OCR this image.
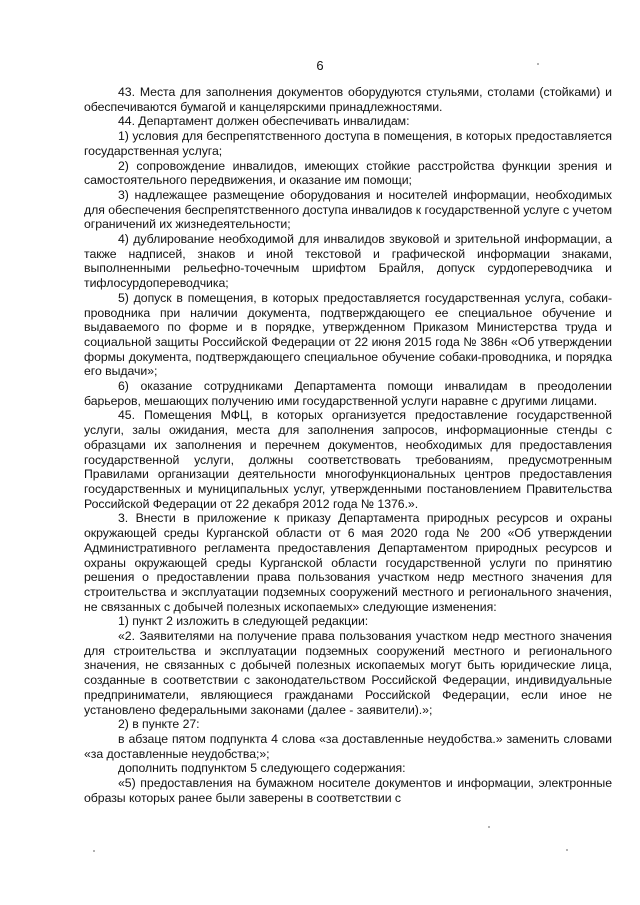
6

43. Места для заполнения документов оборудуются стульями, столами (стойками) и обеспечиваются бумагой и канцелярскими принадлежностями.

44. Департамент должен обеспечивать инвалидам:

1) условия для беспрепятственного доступа в помещения, в которых предоставляется государственная услуга;

2) сопровождение инвалидов, имеющих стойкие расстройства функции зрения и самостоятельного передвижения, и оказание им помощи;

3) надлежащее размещение оборудования и носителей информации, необходимых для обеспечения беспрепятственного доступа инвалидов к государственной услуге с учетом ограничений их жизнедеятельности;

4) дублирование необходимой для инвалидов звуковой и зрительной информации, а также надписей, знаков и иной текстовой и графической информации знаками, выполненными рельефно-точечным шрифтом Брайля, допуск сурдопереводчика и тифлосурдопереводчика;

5) допуск в помещения, в которых предоставляется государственная услуга, собаки-проводника при наличии документа, подтверждающего ее специальное обучение и выдаваемого по форме и в порядке, утвержденном Приказом Министерства труда и социальной защиты Российской Федерации от 22 июня 2015 года № 386н «Об утверждении формы документа, подтверждающего специальное обучение собаки-проводника, и порядка его выдачи»;

6) оказание сотрудниками Департамента помощи инвалидам в преодолении барьеров, мешающих получению ими государственной услуги наравне с другими лицами.

45. Помещения МФЦ, в которых организуется предоставление государственной услуги, залы ожидания, места для заполнения запросов, информационные стенды с образцами их заполнения и перечнем документов, необходимых для предоставления государственной услуги, должны соответствовать требованиям, предусмотренным Правилами организации деятельности многофункциональных центров предоставления государственных и муниципальных услуг, утвержденными постановлением Правительства Российской Федерации от 22 декабря 2012 года № 1376.».

3. Внести в приложение к приказу Департамента природных ресурсов и охраны окружающей среды Курганской области от 6 мая 2020 года № 200 «Об утверждении Административного регламента предоставления Департаментом природных ресурсов и охраны окружающей среды Курганской области государственной услуги по принятию решения о предоставлении права пользования участком недр местного значения для строительства и эксплуатации подземных сооружений местного и регионального значения, не связанных с добычей полезных ископаемых» следующие изменения:

1) пункт 2 изложить в следующей редакции:

«2. Заявителями на получение права пользования участком недр местного значения для строительства и эксплуатации подземных сооружений местного и регионального значения, не связанных с добычей полезных ископаемых могут быть юридические лица, созданные в соответствии с законодательством Российской Федерации, индивидуальные предприниматели, являющиеся гражданами Российской Федерации, если иное не установлено федеральными законами (далее - заявители).»;

2) в пункте 27:

в абзаце пятом подпункта 4 слова «за доставленные неудобства.» заменить словами «за доставленные неудобства;»;

дополнить подпунктом 5 следующего содержания:

«5) предоставления на бумажном носителе документов и информации, электронные образы которых ранее были заверены в соответствии с
